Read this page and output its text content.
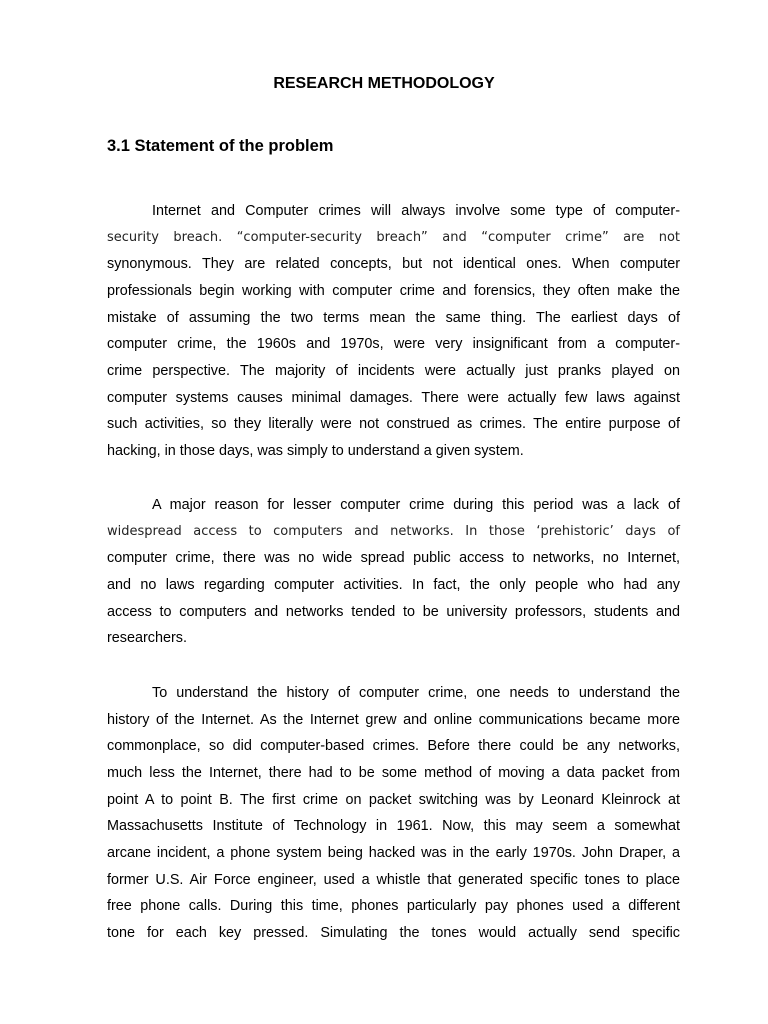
RESEARCH METHODOLOGY
3.1 Statement of the problem
Internet and Computer crimes will always involve some type of computer-
security breach. “computer-security breach” and “computer crime” are not
synonymous. They are related concepts, but not identical ones. When computer
professionals begin working with computer crime and forensics, they often make the
mistake of assuming the two terms mean the same thing. The earliest days of
computer crime, the 1960s and 1970s, were very insignificant from a computer-
crime perspective. The majority of incidents were actually just pranks played on
computer systems causes minimal damages. There were actually few laws against
such activities, so they literally were not construed as crimes. The entire purpose of
hacking, in those days, was simply to understand a given system.
A major reason for lesser computer crime during this period was a lack of
widespread access to computers and networks. In those ‘prehistoric’ days of
computer crime, there was no wide spread public access to networks, no Internet,
and no laws regarding computer activities. In fact, the only people who had any
access to computers and networks tended to be university professors, students and
researchers.
To understand the history of computer crime, one needs to understand the
history of the Internet. As the Internet grew and online communications became more
commonplace, so did computer-based crimes. Before there could be any networks,
much less the Internet, there had to be some method of moving a data packet from
point A to point B. The first crime on packet switching was by Leonard Kleinrock at
Massachusetts Institute of Technology in 1961. Now, this may seem a somewhat
arcane incident, a phone system being hacked was in the early 1970s. John Draper, a
former U.S. Air Force engineer, used a whistle that generated specific tones to place
free phone calls. During this time, phones particularly pay phones used a different
tone for each key pressed. Simulating the tones would actually send specific
